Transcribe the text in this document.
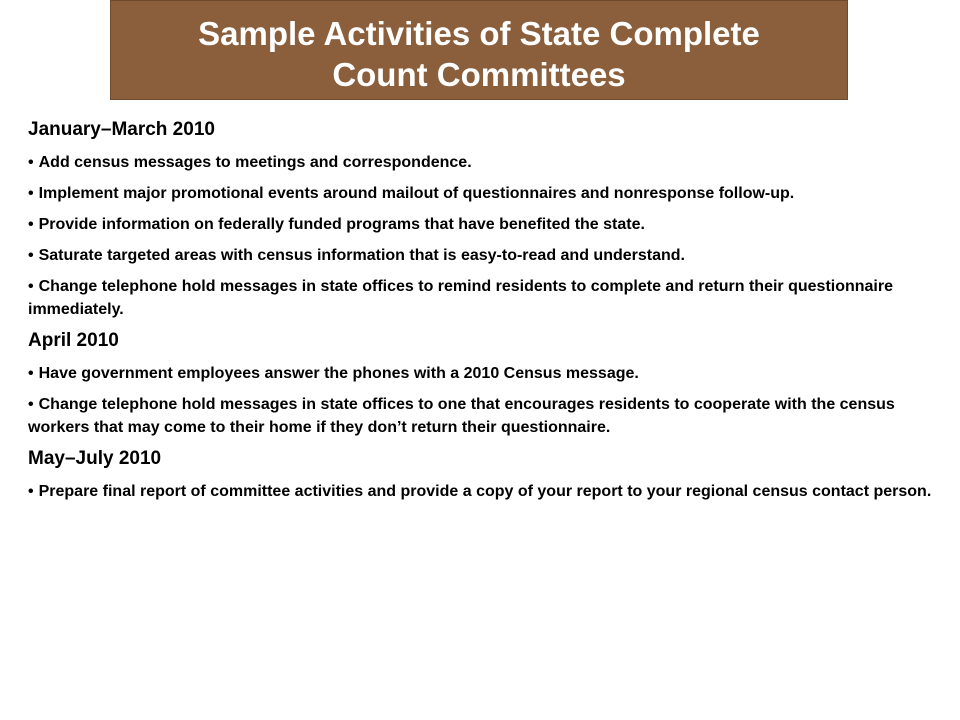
Sample Activities of State Complete
Count Committees
January–March 2010
• Add census messages to meetings and correspondence.
• Implement major promotional events around mailout of questionnaires and nonresponse follow-up.
• Provide information on federally funded programs that have benefited the state.
• Saturate targeted areas with census information that is easy-to-read and understand.
• Change telephone hold messages in state offices to remind residents to complete and return their questionnaire immediately.
April 2010
• Have government employees answer the phones with a 2010 Census message.
• Change telephone hold messages in state offices to one that encourages residents to cooperate with the census workers that may come to their home if they don’t return their questionnaire.
May–July 2010
• Prepare final report of committee activities and provide a copy of your report to your regional census contact person.
